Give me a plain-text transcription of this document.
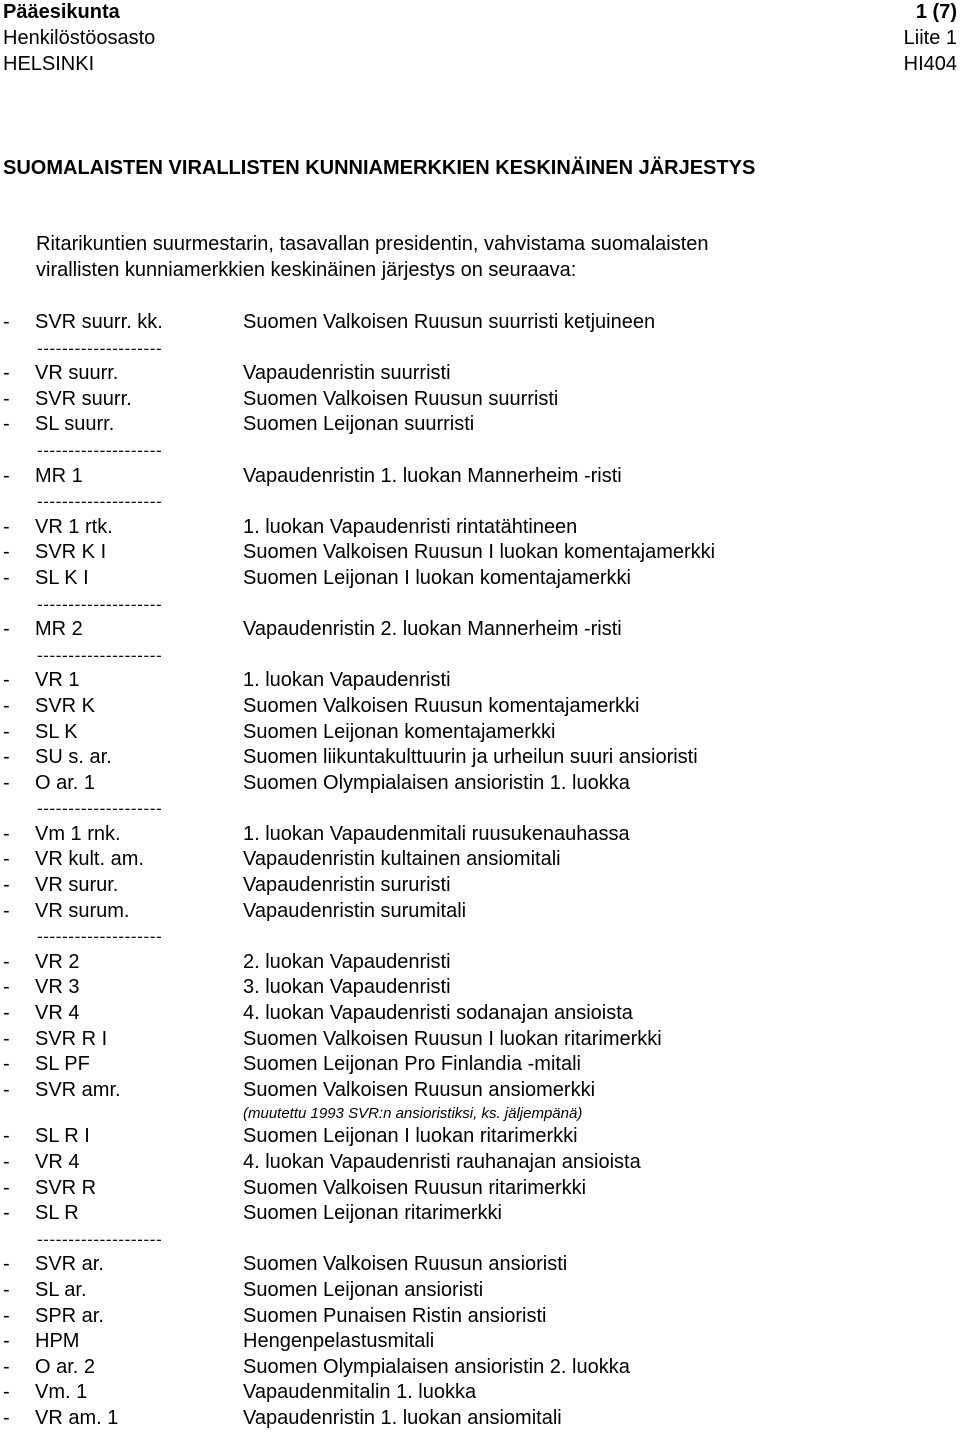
Pääesikunta	1 (7)
Henkilöstöosasto	Liite 1
HELSINKI	HI404
SUOMALAISTEN VIRALLISTEN KUNNIAMERKKIEN KESKINÄINEN JÄRJESTYS
Ritarikuntien suurmestarin, tasavallan presidentin, vahvistama suomalaisten
virallisten kunniamerkkien keskinäinen järjestys on seuraava:
- SVR suurr. kk.	Suomen Valkoisen Ruusun suurristi ketjuineen
--------------------
- VR suurr.	Vapaudenristin suurristi
- SVR suurr.	Suomen Valkoisen Ruusun suurristi
- SL suurr.	Suomen Leijonan suurristi
--------------------
- MR 1	Vapaudenristin 1. luokan Mannerheim -risti
--------------------
- VR 1 rtk.	1. luokan Vapaudenristi rintatähtineen
- SVR K I	Suomen Valkoisen Ruusun I luokan komentajamerkki
- SL K I	Suomen Leijonan I luokan komentajamerkki
--------------------
- MR 2	Vapaudenristin 2. luokan Mannerheim -risti
--------------------
- VR 1	1. luokan Vapaudenristi
- SVR K	Suomen Valkoisen Ruusun komentajamerkki
- SL K	Suomen Leijonan komentajamerkki
- SU s. ar.	Suomen liikuntakulttuurin ja urheilun suuri ansioristi
- O ar. 1	Suomen Olympialaisen ansioristin 1. luokka
--------------------
- Vm 1 rnk.	1. luokan Vapaudenmitali ruusukenauhassa
- VR kult. am.	Vapaudenristin kultainen ansiomitali
- VR surur.	Vapaudenristin sururisti
- VR surum.	Vapaudenristin surumitali
--------------------
- VR 2	2. luokan Vapaudenristi
- VR 3	3. luokan Vapaudenristi
- VR 4	4. luokan Vapaudenristi sodanajan ansioista
- SVR R I	Suomen Valkoisen Ruusun I luokan ritarimerkki
- SL PF	Suomen Leijonan Pro Finlandia -mitali
- SVR amr.	Suomen Valkoisen Ruusun ansiomerkki
(muutettu 1993 SVR:n ansioristiksi, ks. jäljempänä)
- SL R I	Suomen Leijonan I luokan ritarimerkki
- VR 4	4. luokan Vapaudenristi rauhanajan ansioista
- SVR R	Suomen Valkoisen Ruusun ritarimerkki
- SL R	Suomen Leijonan ritarimerkki
--------------------
- SVR ar.	Suomen Valkoisen Ruusun ansioristi
- SL ar.	Suomen Leijonan ansioristi
- SPR ar.	Suomen Punaisen Ristin ansioristi
- HPM	Hengenpelastusmitali
- O ar. 2	Suomen Olympialaisen ansioristin 2. luokka
- Vm. 1	Vapaudenmitalin 1. luokka
- VR am. 1	Vapaudenristin 1. luokan ansiomitali
